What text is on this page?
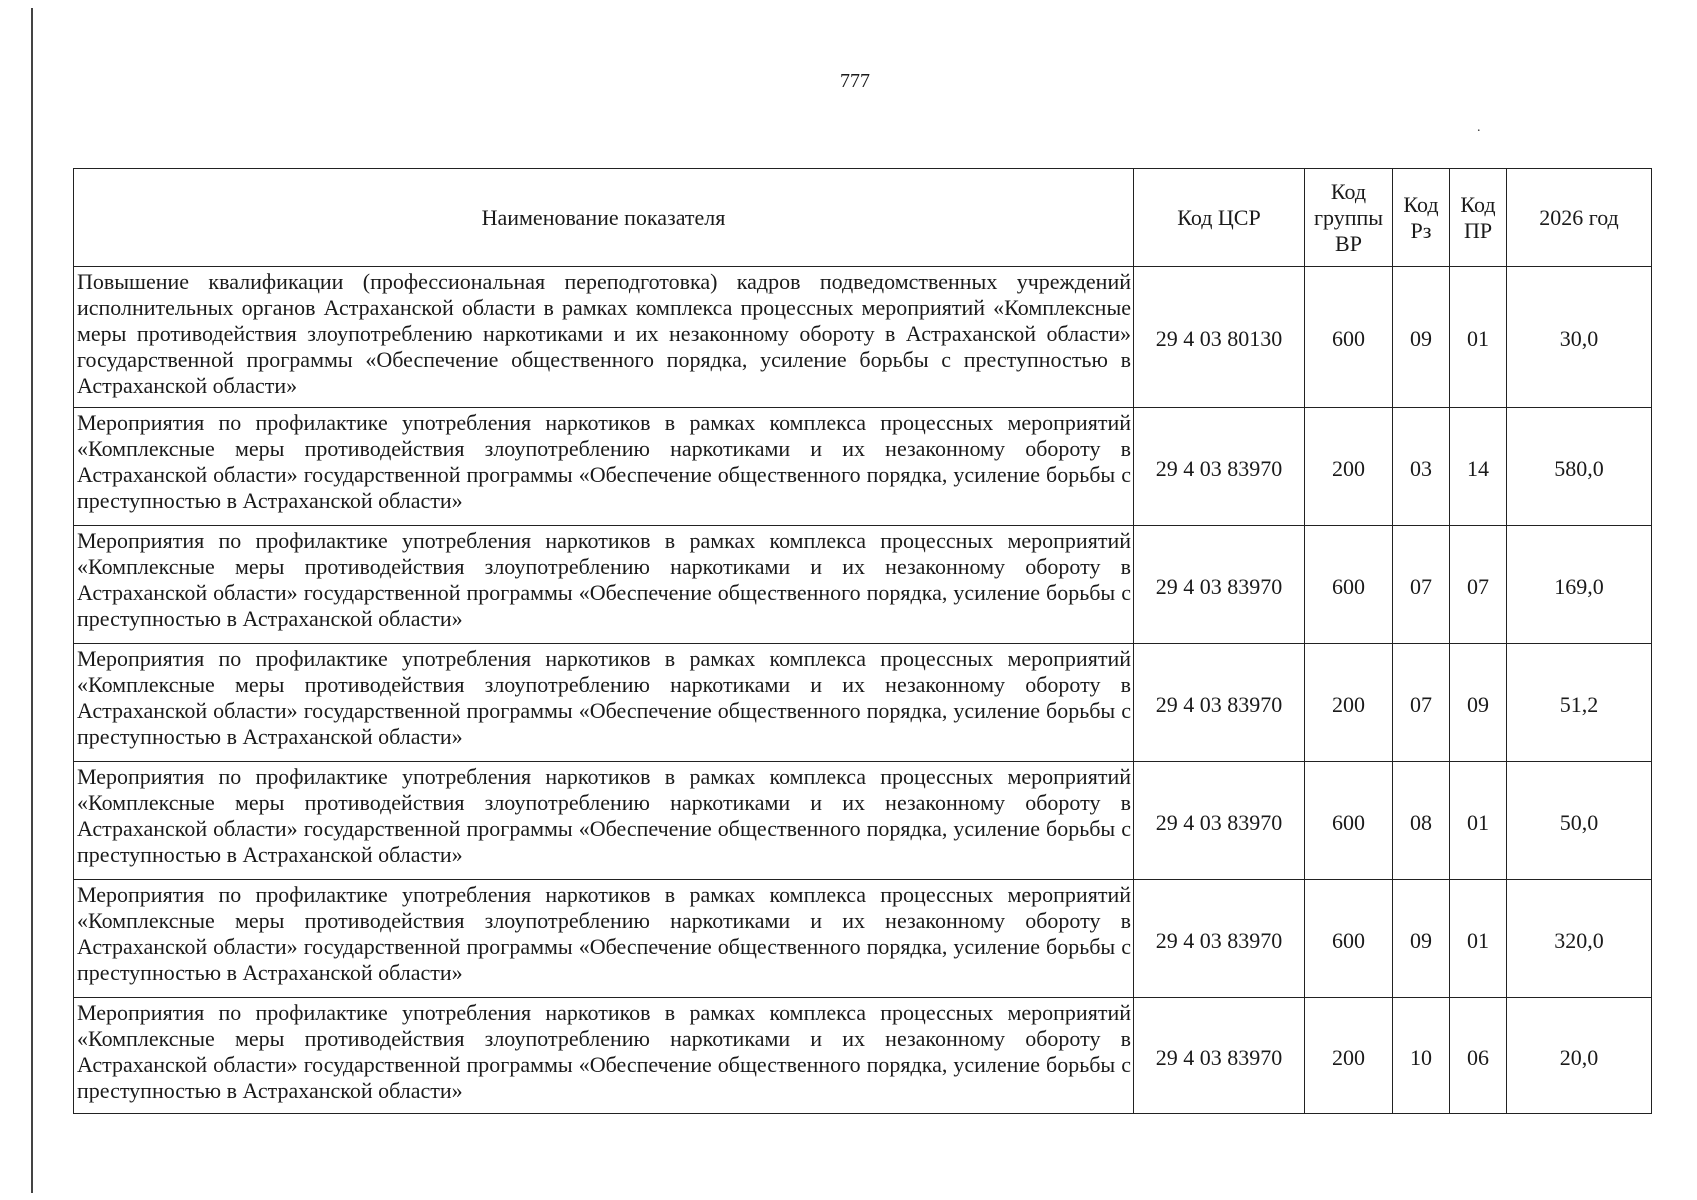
.
777
Наименование показателя	Код ЦСР	Код группы ВР	Код Рз	Код ПР	2026 год
Повышение квалификации (профессиональная переподготовка) кадров подведомственных учреждений исполнительных органов Астраханской области в рамках комплекса процессных мероприятий «Комплексные меры противодействия злоупотреблению наркотиками и их незаконному обороту в Астраханской области» государственной программы «Обеспечение общественного порядка, усиление борьбы с преступностью в Астраханской области»	29 4 03 80130	600	09	01	30,0
Мероприятия по профилактике употребления наркотиков в рамках комплекса процессных мероприятий «Комплексные меры противодействия злоупотреблению наркотиками и их незаконному обороту в Астраханской области» государственной программы «Обеспечение общественного порядка, усиление борьбы с преступностью в Астраханской области»	29 4 03 83970	200	03	14	580,0
Мероприятия по профилактике употребления наркотиков в рамках комплекса процессных мероприятий «Комплексные меры противодействия злоупотреблению наркотиками и их незаконному обороту в Астраханской области» государственной программы «Обеспечение общественного порядка, усиление борьбы с преступностью в Астраханской области»	29 4 03 83970	600	07	07	169,0
Мероприятия по профилактике употребления наркотиков в рамках комплекса процессных мероприятий «Комплексные меры противодействия злоупотреблению наркотиками и их незаконному обороту в Астраханской области» государственной программы «Обеспечение общественного порядка, усиление борьбы с преступностью в Астраханской области»	29 4 03 83970	200	07	09	51,2
Мероприятия по профилактике употребления наркотиков в рамках комплекса процессных мероприятий «Комплексные меры противодействия злоупотреблению наркотиками и их незаконному обороту в Астраханской области» государственной программы «Обеспечение общественного порядка, усиление борьбы с преступностью в Астраханской области»	29 4 03 83970	600	08	01	50,0
Мероприятия по профилактике употребления наркотиков в рамках комплекса процессных мероприятий «Комплексные меры противодействия злоупотреблению наркотиками и их незаконному обороту в Астраханской области» государственной программы «Обеспечение общественного порядка, усиление борьбы с преступностью в Астраханской области»	29 4 03 83970	600	09	01	320,0
Мероприятия по профилактике употребления наркотиков в рамках комплекса процессных мероприятий «Комплексные меры противодействия злоупотреблению наркотиками и их незаконному обороту в Астраханской области» государственной программы «Обеспечение общественного порядка, усиление борьбы с преступностью в Астраханской области»	29 4 03 83970	200	10	06	20,0
